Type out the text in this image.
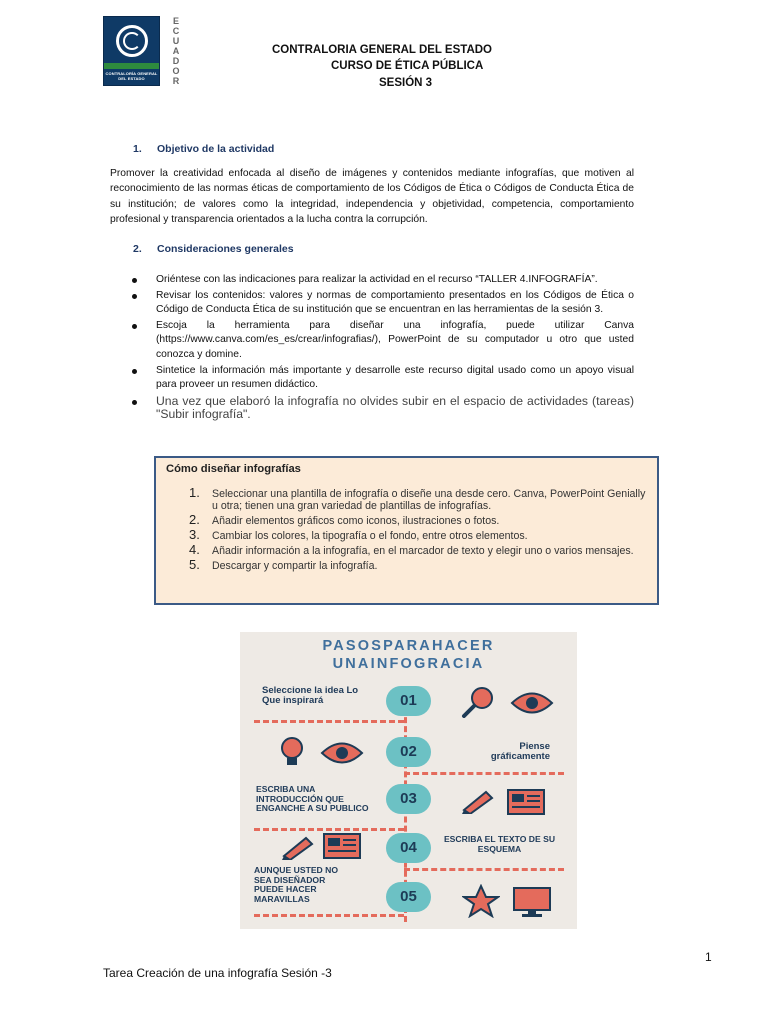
CONTRALORÍA GENERAL DEL ESTADO
E
C
U
A
D
O
R
CONTRALORIA GENERAL DEL ESTADO
CURSO DE ÉTICA PÚBLICA
SESIÓN 3
1. Objetivo de la actividad

Promover la creatividad enfocada al diseño de imágenes y contenidos mediante infografías, que motiven al reconocimiento de las normas éticas de comportamiento de los Códigos de Ética o Códigos de Conducta Ética de su institución; de valores como la integridad, independencia y objetividad, competencia, comportamiento profesional y transparencia orientados a la lucha contra la corrupción.

2. Consideraciones generales
Oriéntese con las indicaciones para realizar la actividad en el recurso “TALLER 4.INFOGRAFÍA”.
Revisar los contenidos: valores y normas de comportamiento presentados en los Códigos de Ética o Código de Conducta Ética de su institución que se encuentran en las herramientas de la sesión 3.
Escoja la herramienta para diseñar una infografía, puede utilizar Canva (https://www.canva.com/es_es/crear/infografias/), PowerPoint de su computador u otro que usted conozca y domine.
Sintetice la información más importante y desarrolle este recurso digital usado como un apoyo visual para proveer un resumen didáctico.
Una vez que elaboró la infografía no olvides subir en el espacio de actividades (tareas) "Subir infografía".
Cómo diseñar infografías
1. Seleccionar una plantilla de infografía o diseñe una desde cero. Canva, PowerPoint Genially u otra; tienen una gran variedad de plantillas de infografías.
2. Añadir elementos gráficos como iconos, ilustraciones o fotos.
3. Cambiar los colores, la tipografía o el fondo, entre otros elementos.
4. Añadir información a la infografía, en el marcador de texto y elegir uno o varios mensajes.
5. Descargar y compartir la infografía.
PASOSPARAHACER
UNAINFOGRACIA
01
02
03
04
05
Seleccione la idea Lo Que inspirará
Piense gráficamente
ESCRIBA UNA INTRODUCCIÓN QUE ENGANCHE A SU PUBLICO
ESCRIBA EL TEXTO DE SU ESQUEMA
AUNQUE USTED NO SEA DISEÑADOR PUEDE HACER MARAVILLAS
1
Tarea Creación de una infografía Sesión -3
